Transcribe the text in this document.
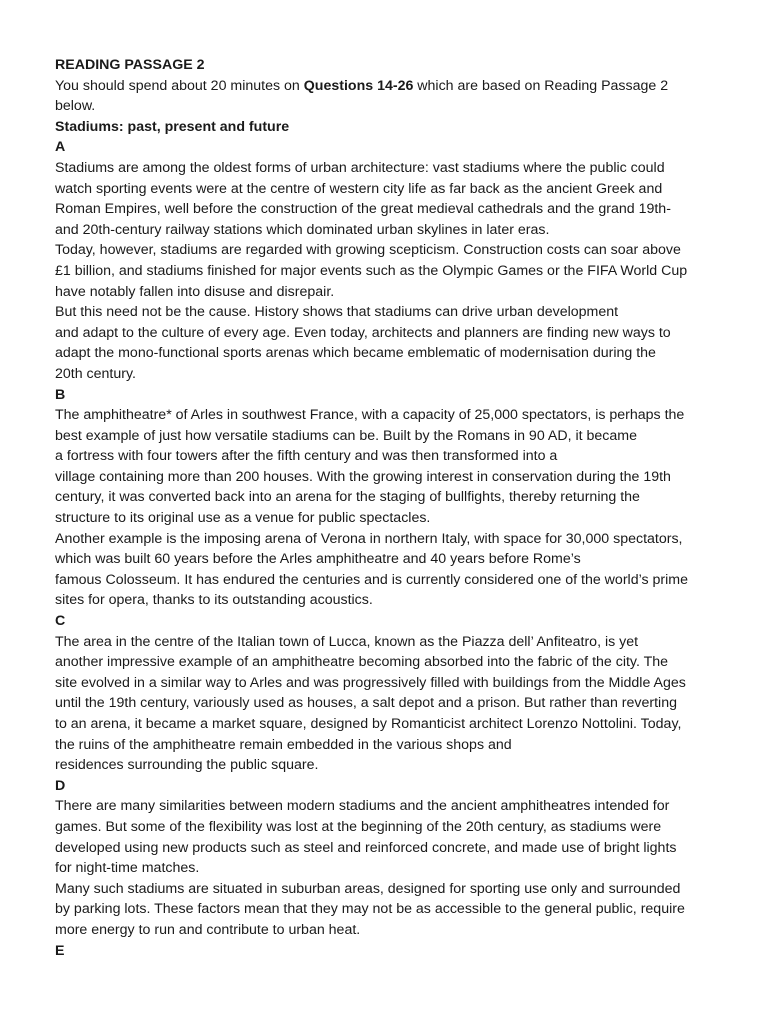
READING PASSAGE 2
You should spend about 20 minutes on Questions 14-26 which are based on Reading Passage 2
below.
Stadiums: past, present and future
A
Stadiums are among the oldest forms of urban architecture: vast stadiums where the public could
watch sporting events were at the centre of western city life as far back as the ancient Greek and
Roman Empires, well before the construction of the great medieval cathedrals and the grand 19th-
and 20th-century railway stations which dominated urban skylines in later eras.
Today, however, stadiums are regarded with growing scepticism. Construction costs can soar above
£1 billion, and stadiums finished for major events such as the Olympic Games or the FIFA World Cup
have notably fallen into disuse and disrepair.
But this need not be the cause. History shows that stadiums can drive urban development
and adapt to the culture of every age. Even today, architects and planners are finding new ways to
adapt the mono-functional sports arenas which became emblematic of modernisation during the
20th century.
B
The amphitheatre* of Arles in southwest France, with a capacity of 25,000 spectators, is perhaps the
best example of just how versatile stadiums can be. Built by the Romans in 90 AD, it became
a fortress with four towers after the fifth century and was then transformed into a
village containing more than 200 houses. With the growing interest in conservation during the 19th
century, it was converted back into an arena for the staging of bullfights, thereby returning the
structure to its original use as a venue for public spectacles.
Another example is the imposing arena of Verona in northern Italy, with space for 30,000 spectators,
which was built 60 years before the Arles amphitheatre and 40 years before Rome’s
famous Colosseum. It has endured the centuries and is currently considered one of the world’s prime
sites for opera, thanks to its outstanding acoustics.
C
The area in the centre of the Italian town of Lucca, known as the Piazza dell’ Anfiteatro, is yet
another impressive example of an amphitheatre becoming absorbed into the fabric of the city. The
site evolved in a similar way to Arles and was progressively filled with buildings from the Middle Ages
until the 19th century, variously used as houses, a salt depot and a prison. But rather than reverting
to an arena, it became a market square, designed by Romanticist architect Lorenzo Nottolini. Today,
the ruins of the amphitheatre remain embedded in the various shops and
residences surrounding the public square.
D
There are many similarities between modern stadiums and the ancient amphitheatres intended for
games. But some of the flexibility was lost at the beginning of the 20th century, as stadiums were
developed using new products such as steel and reinforced concrete, and made use of bright lights
for night-time matches.
Many such stadiums are situated in suburban areas, designed for sporting use only and surrounded
by parking lots. These factors mean that they may not be as accessible to the general public, require
more energy to run and contribute to urban heat.
E
